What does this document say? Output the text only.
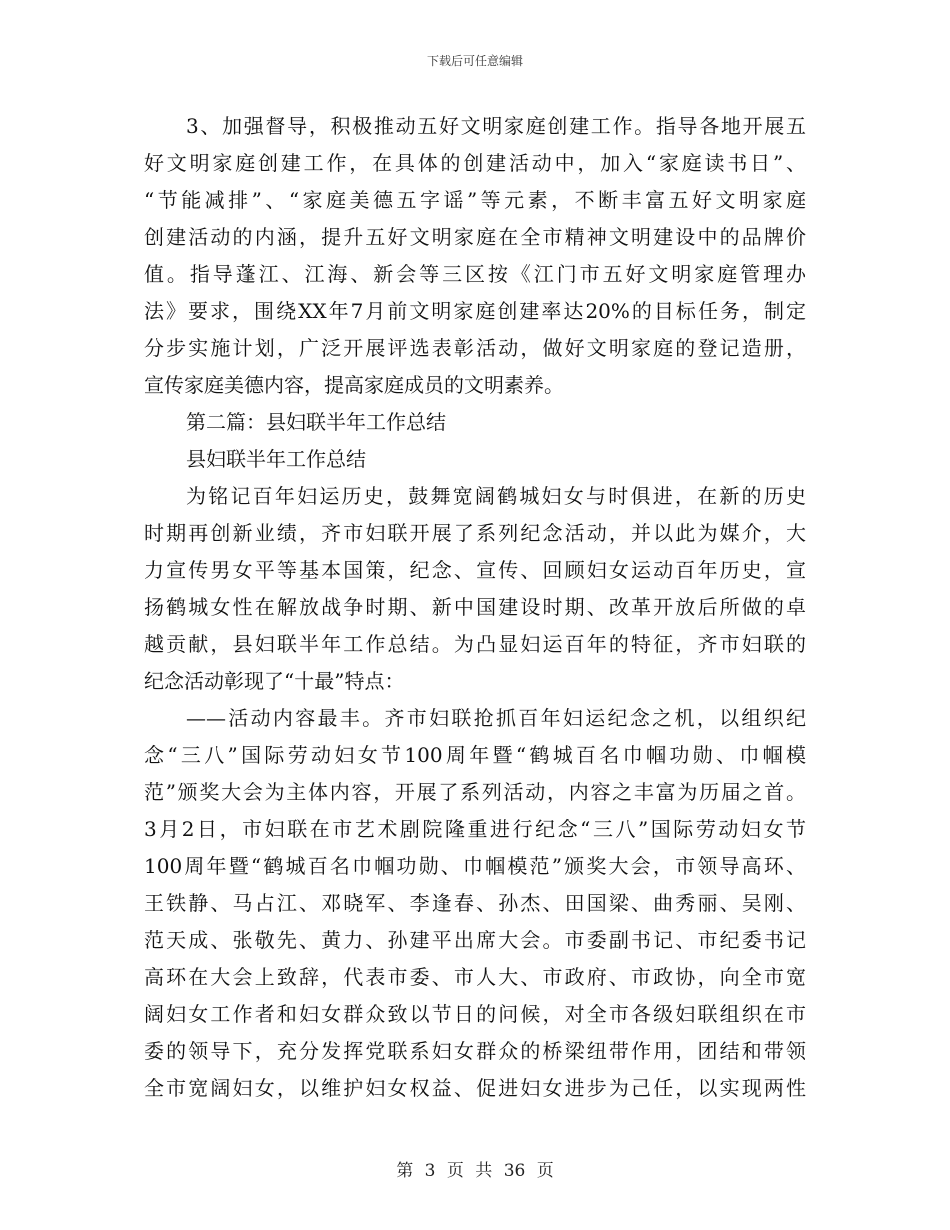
下载后可任意编辑
3、加强督导，积极推动五好文明家庭创建工作。指导各地开展五
好文明家庭创建工作，在具体的创建活动中，加入“家庭读书日”、
“节能减排”、“家庭美德五字谣”等元素，不断丰富五好文明家庭
创建活动的内涵，提升五好文明家庭在全市精神文明建设中的品牌价
值。指导蓬江、江海、新会等三区按《江门市五好文明家庭管理办
法》要求，围绕XX年7月前文明家庭创建率达20%的目标任务，制定
分步实施计划，广泛开展评选表彰活动，做好文明家庭的登记造册，
宣传家庭美德内容，提高家庭成员的文明素养。
第二篇：县妇联半年工作总结
县妇联半年工作总结
为铭记百年妇运历史，鼓舞宽阔鹤城妇女与时俱进，在新的历史
时期再创新业绩，齐市妇联开展了系列纪念活动，并以此为媒介，大
力宣传男女平等基本国策，纪念、宣传、回顾妇女运动百年历史，宣
扬鹤城女性在解放战争时期、新中国建设时期、改革开放后所做的卓
越贡献，县妇联半年工作总结。为凸显妇运百年的特征，齐市妇联的
纪念活动彰现了“十最”特点：
——活动内容最丰。齐市妇联抢抓百年妇运纪念之机，以组织纪
念“三八”国际劳动妇女节100周年暨“鹤城百名巾帼功勋、巾帼模
范”颁奖大会为主体内容，开展了系列活动，内容之丰富为历届之首。
3月2日，市妇联在市艺术剧院隆重进行纪念“三八”国际劳动妇女节
100周年暨“鹤城百名巾帼功勋、巾帼模范”颁奖大会，市领导高环、
王铁静、马占江、邓晓军、李逢春、孙杰、田国梁、曲秀丽、吴刚、
范天成、张敬先、黄力、孙建平出席大会。市委副书记、市纪委书记
高环在大会上致辞，代表市委、市人大、市政府、市政协，向全市宽
阔妇女工作者和妇女群众致以节日的问候，对全市各级妇联组织在市
委的领导下，充分发挥党联系妇女群众的桥梁纽带作用，团结和带领
全市宽阔妇女，以维护妇女权益、促进妇女进步为己任，以实现两性
第 3 页 共 36 页
